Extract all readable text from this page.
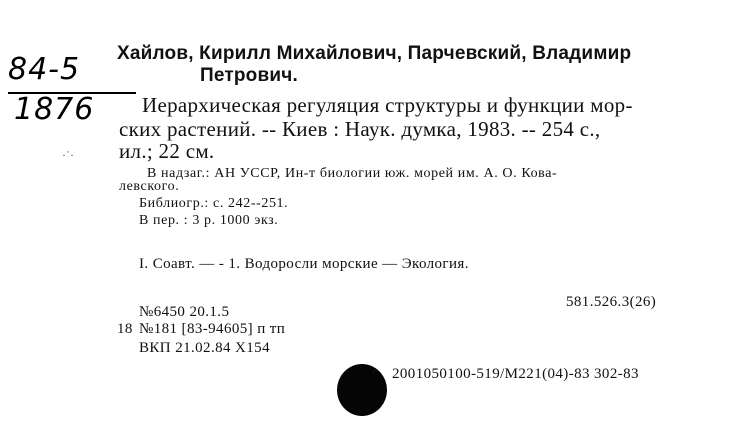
84-5
1876
Хайлов, Кирилл Михайлович, Парчевский, Владимир
Петрович.
Иерархическая регуляция структуры и функции мор-
ских растений. -- Киев : Наук. думка, 1983. -- 254 с.,
ил.; 22 см.
·˙·
В надзаг.: АН УССР, Ин-т биологии юж. морей им. А. О. Кова-
левского.
Библиогр.: с. 242--251.
В пер. : 3 р. 1000 экз.
I. Соавт. — - 1. Водоросли морские — Экология.
581.526.3(26)
№6450 20.1.5
18 №181 [83-94605] п тп
ВКП 21.02.84 X154
× 2001050100-519/М221(04)-83 302-83
